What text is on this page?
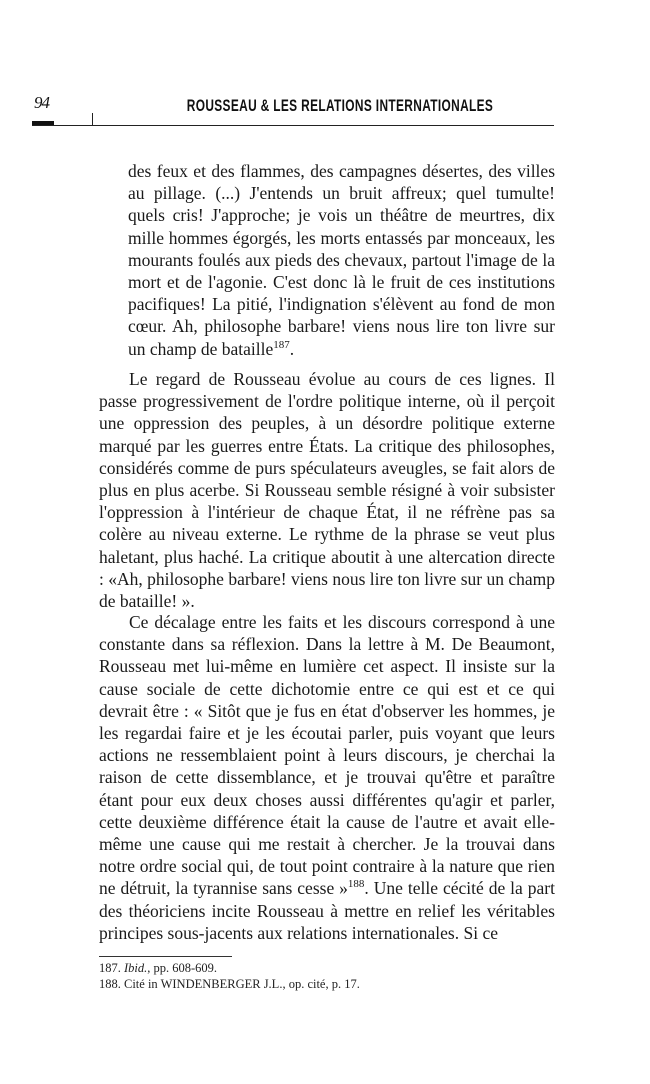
94	ROUSSEAU & LES RELATIONS INTERNATIONALES

des feux et des flammes, des campagnes désertes, des villes au pillage. (...) J'entends un bruit affreux; quel tumulte! quels cris! J'approche; je vois un théâtre de meurtres, dix mille hommes égorgés, les morts entassés par monceaux, les mourants foulés aux pieds des chevaux, partout l'image de la mort et de l'agonie. C'est donc là le fruit de ces institutions pacifiques! La pitié, l'indignation s'élèvent au fond de mon cœur. Ah, philosophe barbare! viens nous lire ton livre sur un champ de bataille$^{187}$.

Le regard de Rousseau évolue au cours de ces lignes. Il passe progressivement de l'ordre politique interne, où il perçoit une oppression des peuples, à un désordre politique externe marqué par les guerres entre États. La critique des philosophes, considérés comme de purs spéculateurs aveugles, se fait alors de plus en plus acerbe. Si Rousseau semble résigné à voir subsister l'oppression à l'intérieur de chaque État, il ne réfrène pas sa colère au niveau externe. Le rythme de la phrase se veut plus haletant, plus haché. La critique aboutit à une altercation directe : «Ah, philosophe barbare! viens nous lire ton livre sur un champ de bataille! ».

Ce décalage entre les faits et les discours correspond à une constante dans sa réflexion. Dans la lettre à M. De Beaumont, Rousseau met lui-même en lumière cet aspect. Il insiste sur la cause sociale de cette dichotomie entre ce qui est et ce qui devrait être : « Sitôt que je fus en état d'observer les hommes, je les regardai faire et je les écoutai parler, puis voyant que leurs actions ne ressemblaient point à leurs discours, je cherchai la raison de cette dissemblance, et je trouvai qu'être et paraître étant pour eux deux choses aussi différentes qu'agir et parler, cette deuxième différence était la cause de l'autre et avait elle-même une cause qui me restait à chercher. Je la trouvai dans notre ordre social qui, de tout point contraire à la nature que rien ne détruit, la tyrannise sans cesse »$^{188}$. Une telle cécité de la part des théoriciens incite Rousseau à mettre en relief les véritables principes sous-jacents aux relations internationales. Si ce

187. Ibid., pp. 608-609.

188. Cité in WINDENBERGER J.L., op. cité, p. 17.
